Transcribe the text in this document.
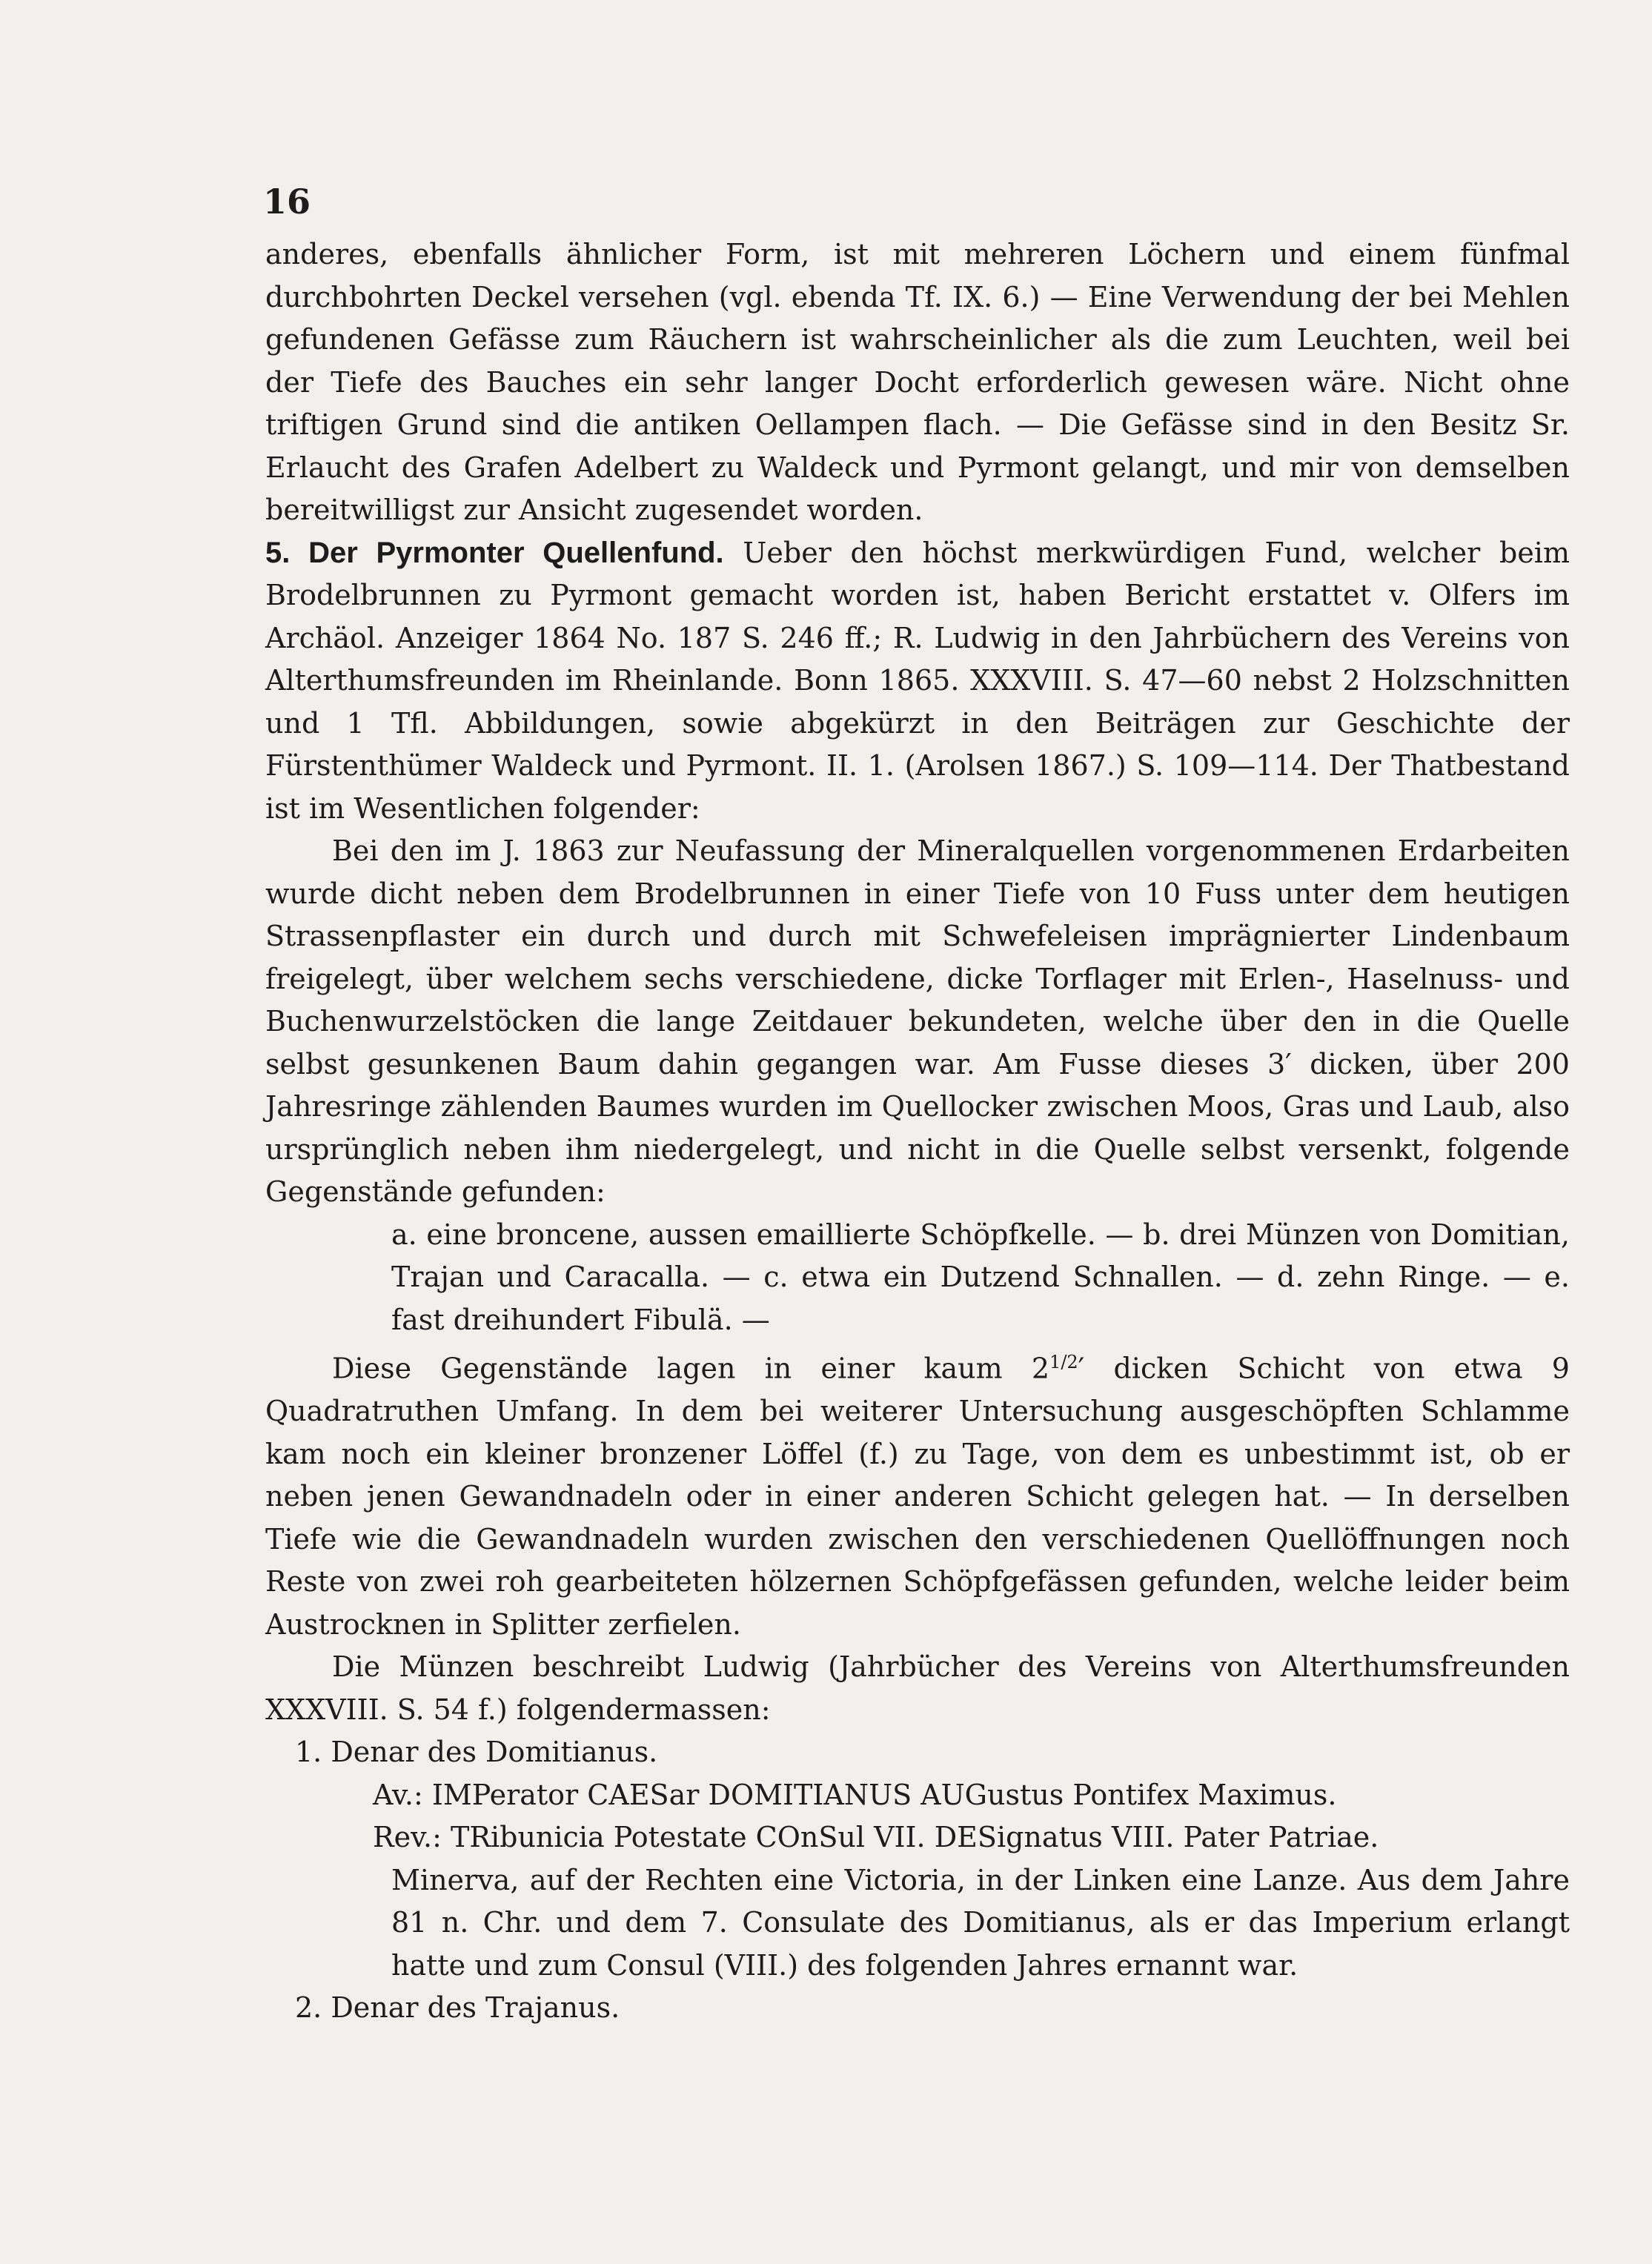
16

anderes, ebenfalls ähnlicher Form, ist mit mehreren Löchern und einem fünfmal durchbohrten Deckel versehen (vgl. ebenda Tf. IX. 6.) — Eine Verwendung der bei Mehlen gefundenen Gefässe zum Räuchern ist wahrscheinlicher als die zum Leuchten, weil bei der Tiefe des Bauches ein sehr langer Docht erforderlich gewesen wäre. Nicht ohne triftigen Grund sind die antiken Oellampen flach. — Die Gefässe sind in den Besitz Sr. Erlaucht des Grafen Adelbert zu Waldeck und Pyrmont gelangt, und mir von demselben bereitwilligst zur Ansicht zugesendet worden.

5. Der Pyrmonter Quellenfund. Ueber den höchst merkwürdigen Fund, welcher beim Brodelbrunnen zu Pyrmont gemacht worden ist, haben Bericht erstattet v. Olfers im Archäol. Anzeiger 1864 No. 187 S. 246 ff.; R. Ludwig in den Jahrbüchern des Vereins von Alterthumsfreunden im Rheinlande. Bonn 1865. XXXVIII. S. 47—60 nebst 2 Holzschnitten und 1 Tfl. Abbildungen, sowie abgekürzt in den Beiträgen zur Geschichte der Fürstenthümer Waldeck und Pyrmont. II. 1. (Arolsen 1867.) S. 109—114. Der Thatbestand ist im Wesentlichen folgender:

Bei den im J. 1863 zur Neufassung der Mineralquellen vorgenommenen Erdarbeiten wurde dicht neben dem Brodelbrunnen in einer Tiefe von 10 Fuss unter dem heutigen Strassenpflaster ein durch und durch mit Schwefeleisen imprägnierter Lindenbaum freigelegt, über welchem sechs verschiedene, dicke Torflager mit Erlen-, Haselnuss- und Buchenwurzelstöcken die lange Zeitdauer bekundeten, welche über den in die Quelle selbst gesunkenen Baum dahin gegangen war. Am Fusse dieses 3′ dicken, über 200 Jahresringe zählenden Baumes wurden im Quellocker zwischen Moos, Gras und Laub, also ursprünglich neben ihm niedergelegt, und nicht in die Quelle selbst versenkt, folgende Gegenstände gefunden:

a. eine broncene, aussen emaillierte Schöpfkelle. — b. drei Münzen von Domitian, Trajan und Caracalla. — c. etwa ein Dutzend Schnallen. — d. zehn Ringe. — e. fast dreihundert Fibulä. —

Diese Gegenstände lagen in einer kaum $2^{1/2}'$ dicken Schicht von etwa 9 Quadratruthen Umfang. In dem bei weiterer Untersuchung ausgeschöpften Schlamme kam noch ein kleiner bronzener Löffel (f.) zu Tage, von dem es unbestimmt ist, ob er neben jenen Gewandnadeln oder in einer anderen Schicht gelegen hat. — In derselben Tiefe wie die Gewandnadeln wurden zwischen den verschiedenen Quellöffnungen noch Reste von zwei roh gearbeiteten hölzernen Schöpfgefässen gefunden, welche leider beim Austrocknen in Splitter zerfielen.

Die Münzen beschreibt Ludwig (Jahrbücher des Vereins von Alterthumsfreunden XXXVIII. S. 54 f.) folgendermassen:

1. Denar des Domitianus.

Av.: IMPerator CAESar DOMITIANUS AUGustus Pontifex Maximus.

Rev.: TRibunicia Potestate COnSul VII. DESignatus VIII. Pater Patriae.

Minerva, auf der Rechten eine Victoria, in der Linken eine Lanze. Aus dem Jahre 81 n. Chr. und dem 7. Consulate des Domitianus, als er das Imperium erlangt hatte und zum Consul (VIII.) des folgenden Jahres ernannt war.

2. Denar des Trajanus.
